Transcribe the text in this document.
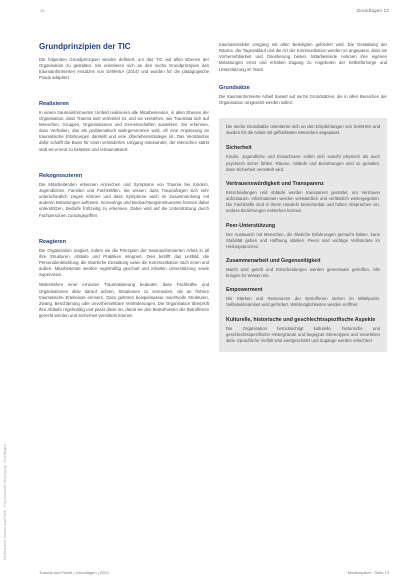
28	Grundlagen 13
Medienpaket Trauma und Flucht · Psychosoziale Versorgung · Grundlagen
Grundprinzipien der TIC

Die folgenden Grundprinzipien werden definiert, um das TIC auf allen Ebenen der Organisation zu gestalten. Sie orientieren sich an den sechs Grundprinzipien des traumainformierten Ansatzes von SAMHSA (2014) und wurden für die pädagogische Praxis adaptiert.

Realisieren

In einem traumainformierten Umfeld realisieren alle Mitarbeitenden, in allen Ebenen der Organisation, dass Trauma weit verbreitet ist, und sie verstehen, wie Traumata sich auf Menschen, Gruppen, Organisationen und Gemeinschaften auswirken. Sie erkennen, dass Verhalten, das als problematisch wahrgenommen wird, oft eine Anpassung an traumatische Erfahrungen darstellt und eine Überlebensstrategie ist. Das Verständnis dafür schafft die Basis für einen veränderten Umgang miteinander, der Menschen stärkt statt sie erneut zu belasten und retraumatisiert.

Rekognoszieren

Die Mitarbeitenden erkennen Anzeichen und Symptome von Trauma bei Kindern, Jugendlichen, Familien und Fachkräften. Sie wissen, dass Traumafolgen sich sehr unterschiedlich zeigen können und dass Symptome auch im Zusammenhang mit anderen Belastungen auftreten. Screenings und Beobachtungsinstrumente können dabei unterstützen, Bedarfe frühzeitig zu erkennen. Dabei wird auf die Unterstützung durch Fachpersonen zurückgegriffen.

Reagieren

Die Organisation reagiert, indem sie die Prinzipien der traumainformierten Arbeit in all ihre Strukturen, Abläufe und Praktiken integriert. Dies betrifft das Leitbild, die Personalentwicklung, die räumliche Gestaltung sowie die Kommunikation nach innen und außen. Mitarbeitende werden regelmäßig geschult und erhalten Unterstützung sowie Supervision.

Widerstehen einer erneuten Traumatisierung bedeutet, dass Fachkräfte und Organisationen aktiv darauf achten, Situationen zu vermeiden, die an frühere traumatische Erlebnisse erinnern. Dazu gehören beispielsweise machtvolle Strukturen, Zwang, Beschämung oder unvorhersehbare Veränderungen. Die Organisation überprüft ihre Abläufe regelmäßig und passt diese an, damit sie den Bedürfnissen der Betroffenen gerecht werden und Sicherheit vermitteln können.

traumasensibler Umgang mit allen Beteiligten gefördert wird. Die Gestaltung der Räume, der Tagesablauf und die Art der Kommunikation werden so angepasst, dass sie Vorhersehbarkeit und Orientierung bieten. Mitarbeitende nehmen ihre eigenen Belastungen ernst und erhalten Zugang zu Angeboten der Selbstfürsorge und Unterstützung im Team.

Grundsätze

Die traumainformierte Arbeit basiert auf sechs Grundsätzen, die in allen Bereichen der Organisation umgesetzt werden sollen:

Die sechs Grundsätze orientieren sich an den Empfehlungen von SAMHSA und wurden für die Arbeit mit geflüchteten Menschen angepasst.

Sicherheit

Kinder, Jugendliche und Erwachsene sollen sich sowohl physisch als auch psychisch sicher fühlen. Räume, Abläufe und Beziehungen sind so gestaltet, dass Sicherheit vermittelt wird.

Vertrauenswürdigkeit und Transparenz

Entscheidungen und Abläufe werden transparent gestaltet, um Vertrauen aufzubauen. Informationen werden verständlich und verlässlich weitergegeben. Die Fachkräfte sind in ihrem Handeln berechenbar und halten Absprachen ein, sodass Beziehungen entstehen können.

Peer-Unterstützung

Der Austausch mit Menschen, die ähnliche Erfahrungen gemacht haben, kann Stabilität geben und Hoffnung stärken. Peers sind wichtige Verbündete im Heilungsprozess.

Zusammenarbeit und Gegenseitigkeit

Macht wird geteilt und Entscheidungen werden gemeinsam getroffen. Alle bringen ihr Wissen ein.

Empowerment

Die Stärken und Ressourcen der Betroffenen stehen im Mittelpunkt. Selbstwirksamkeit wird gefördert, Wahlmöglichkeiten werden eröffnet.

Kulturelle, historische und geschlechtsspezifische Aspekte

Die Organisation berücksichtigt kulturelle, historische und geschlechtsspezifische Hintergründe und begegnet Stereotypen und Vorurteilen aktiv. Sprachliche Vielfalt wird wertgeschätzt und Zugänge werden erleichtert.

Trauma und Flucht | Grundlagen | 2024	Medienpaket · Seite 13
